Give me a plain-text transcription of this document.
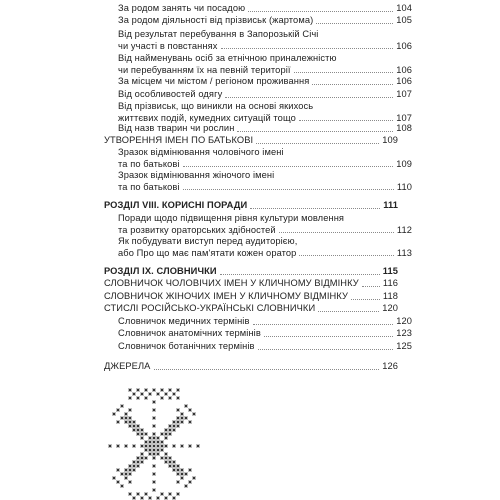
За родом занять чи посадою	104
За родом діяльності від прізвиськ (жартома)	105
Від результат перебування в Запорозькій Січі
чи участі в повстаннях	106
Від найменувань осіб за етнічною приналежністю
чи перебуванням їх на певній території	106
За місцем чи містом / регіоном проживання	106
Від особливостей одягу	107
Від прізвиськ, що виникли на основі якихось
життєвих подій, кумедних ситуацій тощо	107
Від назв тварин чи рослин	108
УТВОРЕННЯ ІМЕН ПО БАТЬКОВІ	109
Зразок відмінювання чоловічого імені
та по батькові	109
Зразок відмінювання жіночого імені
та по батькові	110
РОЗДІЛ VIII. КОРИСНІ ПОРАДИ	111
Поради щодо підвищення рівня культури мовлення
та розвитку ораторських здібностей	112
Як побудувати виступ перед аудиторією,
або Про що має пам'ятати кожен оратор	113
РОЗДІЛ IX. СЛОВНИЧКИ	115
СЛОВНИЧОК ЧОЛОВІЧИХ ІМЕН У КЛИЧНОМУ ВІДМІНКУ	116
СЛОВНИЧОК ЖІНОЧИХ ІМЕН У КЛИЧНОМУ ВІДМІНКУ	118
СТИСЛІ РОСІЙСЬКО-УКРАЇНСЬКІ СЛОВНИЧКИ	120
Словничок медичних термінів	120
Словничок анатомічних термінів	123
Словничок ботанічних термінів	125
ДЖЕРЕЛА	126
